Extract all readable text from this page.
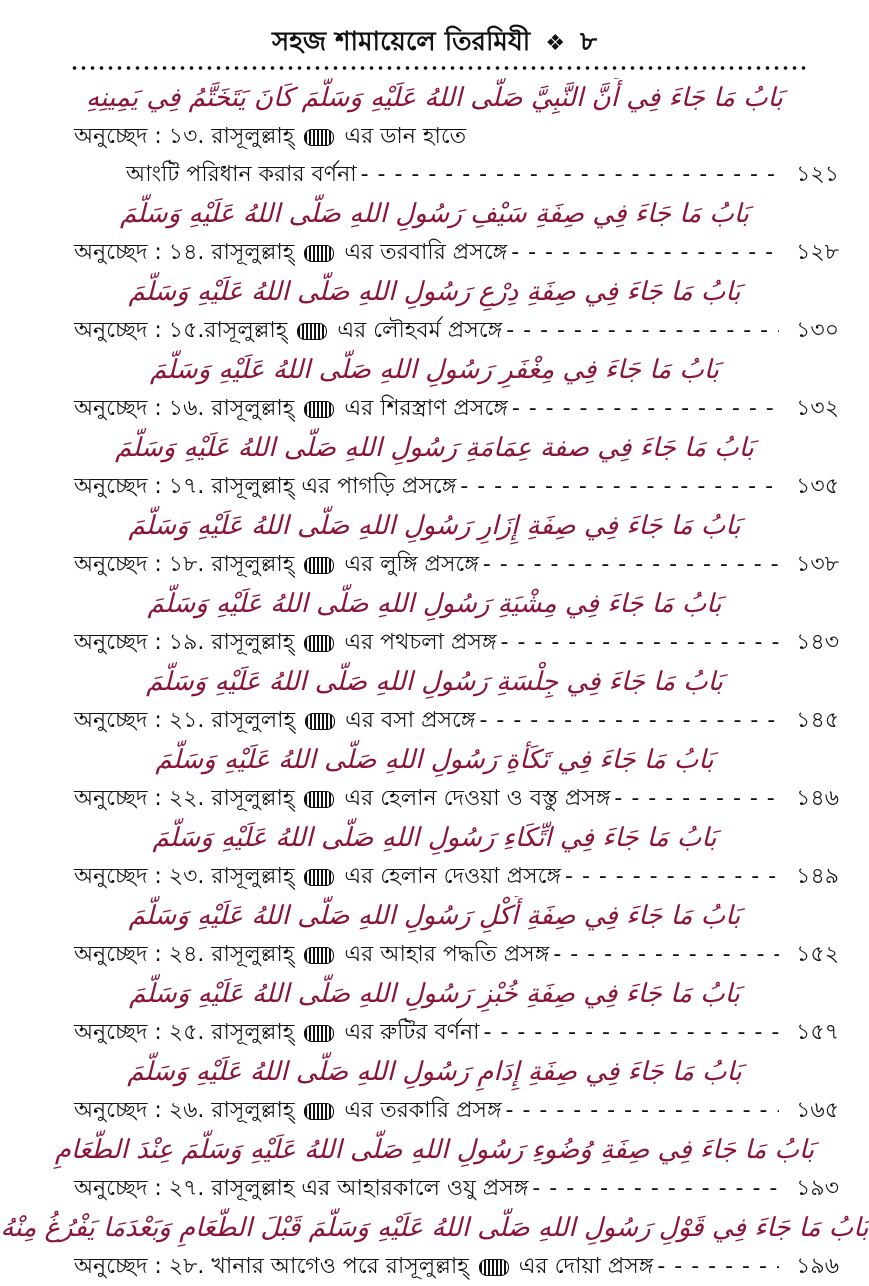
সহজ শামায়েলে তিরমিযী ❖ ৮
بَابُ مَا جَاءَ فِي أَنَّ النَّبِيَّ صَلَّى اللهُ عَلَيْهِ وَسَلَّمَ كَانَ يَتَخَتَّمُ فِي يَمِينِهِ
অনুচ্ছেদ : ১৩. রাসূলুল্লাহ্  এর ডান হাতে
আংটি পরিধান করার বর্ণনা - - -	১২১
بَابُ مَا جَاءَ فِي صِفَةِ سَيْفِ رَسُولِ اللهِ صَلَّى اللهُ عَلَيْهِ وَسَلَّمَ
অনুচ্ছেদ : ১৪. রাসূলুল্লাহ্  এর তরবারি প্রসঙ্গে - - -	১২৮
بَابُ مَا جَاءَ فِي صِفَةِ دِرْعِ رَسُولِ اللهِ صَلَّى اللهُ عَلَيْهِ وَسَلَّمَ
অনুচ্ছেদ : ১৫.রাসূলুল্লাহ্  এর লৌহবর্ম প্রসঙ্গে - - -	১৩০
بَابُ مَا جَاءَ فِي مِغْفَرِ رَسُولِ اللهِ صَلَّى اللهُ عَلَيْهِ وَسَلَّمَ
অনুচ্ছেদ : ১৬. রাসূলুল্লাহ্  এর শিরস্ত্রাণ প্রসঙ্গে - - -	১৩২
بَابُ مَا جَاءَ فِي صفة عِمَامَةِ رَسُولِ اللهِ صَلَّى اللهُ عَلَيْهِ وَسَلَّمَ
অনুচ্ছেদ : ১৭. রাসূলুল্লাহ্ এর পাগড়ি প্রসঙ্গে - - -	১৩৫
بَابُ مَا جَاءَ فِي صِفَةِ إِزَارِ رَسُولِ اللهِ صَلَّى اللهُ عَلَيْهِ وَسَلَّمَ
অনুচ্ছেদ : ১৮. রাসূলুল্লাহ্  এর লুঙ্গি প্রসঙ্গে - - -	১৩৮
بَابُ مَا جَاءَ فِي مِشْيَةِ رَسُولِ اللهِ صَلَّى اللهُ عَلَيْهِ وَسَلَّمَ
অনুচ্ছেদ : ১৯. রাসূলুল্লাহ্  এর পথচলা প্রসঙ্গ - - -	১৪৩
بَابُ مَا جَاءَ فِي جِلْسَةِ رَسُولِ اللهِ صَلَّى اللهُ عَلَيْهِ وَسَلَّمَ
অনুচ্ছেদ : ২১. রাসূলুলাহ্  এর বসা প্রসঙ্গে - - -	১৪৫
بَابُ مَا جَاءَ فِي تَكَأَةِ رَسُولِ اللهِ صَلَّى اللهُ عَلَيْهِ وَسَلَّمَ
অনুচ্ছেদ : ২২. রাসূলুল্লাহ্  এর হেলান দেওয়া ও বস্তু প্রসঙ্গ - - -	১৪৬
بَابُ مَا جَاءَ فِي اتِّكَاءِ رَسُولِ اللهِ صَلَّى اللهُ عَلَيْهِ وَسَلَّمَ
অনুচ্ছেদ : ২৩. রাসূলুল্লাহ্  এর হেলান দেওয়া প্রসঙ্গে - - -	১৪৯
بَابُ مَا جَاءَ فِي صِفَةِ أَكْلِ رَسُولِ اللهِ صَلَّى اللهُ عَلَيْهِ وَسَلَّمَ
অনুচ্ছেদ : ২৪. রাসূলুল্লাহ্  এর আহার পদ্ধতি প্রসঙ্গ - - -	১৫২
بَابُ مَا جَاءَ فِي صِفَةِ خُبْزِ رَسُولِ اللهِ صَلَّى اللهُ عَلَيْهِ وَسَلَّمَ
অনুচ্ছেদ : ২৫. রাসূলুল্লাহ্  এর রুটির বর্ণনা - - -	১৫৭
بَابُ مَا جَاءَ فِي صِفَةِ إِدَامِ رَسُولِ اللهِ صَلَّى اللهُ عَلَيْهِ وَسَلَّمَ
অনুচ্ছেদ : ২৬. রাসূলুল্লাহ্  এর তরকারি প্রসঙ্গ - - -	১৬৫
بَابُ مَا جَاءَ فِي صِفَةِ وُضُوءِ رَسُولِ اللهِ صَلَّى اللهُ عَلَيْهِ وَسَلَّمَ عِنْدَ الطَّعَامِ
অনুচ্ছেদ : ২৭. রাসূলুল্লাহ এর আহারকালে ওযু প্রসঙ্গ - - -	১৯৩
بَابُ مَا جَاءَ فِي قَوْلِ رَسُولِ اللهِ صَلَّى اللهُ عَلَيْهِ وَسَلَّمَ قَبْلَ الطَّعَامِ وَبَعْدَمَا يَفْرُغُ مِنْهُ
অনুচ্ছেদ : ২৮. খানার আগেও পরে রাসূলুল্লাহ্  এর দোয়া প্রসঙ্গ - - -	১৯৬
